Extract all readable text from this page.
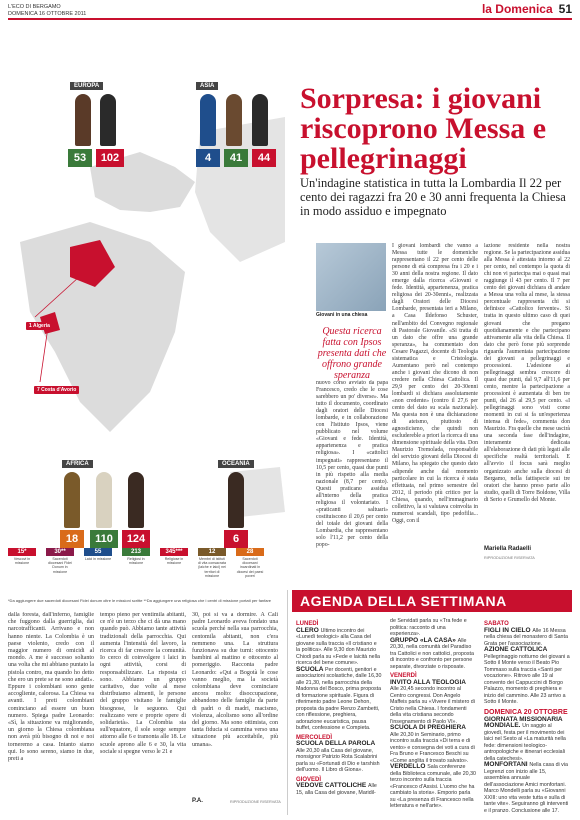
L'ECO DI BERGAMO
DOMENICA 16 OTTOBRE 2011	la Domenica 51
EUROPA
53	102
ASIA
4	41	44
1 Algeria
7 Costa d'Avorio
AFRICA
18	110	124
OCEANIA
6
15*
Vescovi in missione
30**
Sacerdoti diocesani Fidei Donum in missione
55
Laici in missione
213
Religiosi in missione
345***
Religiose in missione
12
Membri di istituti di vita consacrata (laiche e laici) nei territori di missione
28
Sacerdoti diocesani incardinati in diocesi dei paesi poveri
*Da aggiungere due sacerdoti diocesani Fidei donum oltre le missioni scritte **Da aggiungere una religiosa che i centri di missione portati per fanfare
Sorpresa: i giovani riscoprono Messa e pellegrinaggi
Un'indagine statistica in tutta la Lombardia Il 22 per cento dei ragazzi fra 20 e 30 anni frequenta la Chiesa in modo assiduo e impegnato
Giovani in una chiesa
Questa ricerca fatta con Ipsos presenta dati che offrono grande speranza
I giovani lombardi che vanno a Messa tutte le domeniche rappresentano il 22 per cento delle persone di età compresa fra i 20 e i 30 anni della nostra regione. Il dato emerge dalla ricerca «Giovani e fede. Identità, appartenenza, pratica religiosa dei 20-30enni», realizzata dagli Oratori delle Diocesi Lombarde, presentata ieri a Milano, a Casa Ildefonso Schuster, nell'ambito del Convegno regionale di Pastorale Giovanile. «Si tratta di un dato che offre una grande speranza», ha commentato don Cesare Pagazzi, docente di Teologia sistematica e Cristologia. Aumentano però nel contempo anche i giovani che dicono di non credere nella Chiesa Cattolica. Il 29,9 per cento dei 20-30enni lombardi si dichiara assolutamente «non credente» (contro il 27,6 per cento del dato su scala nazionale). Ma questa non è una dichiarazione di ateismo, piuttosto di agnosticismo, che quindi non escludereble a priori la ricerca di una dimensione spirituale della vita. Don Maurizio Tremolada, responsabile del servizio giovani della Diocesi di Milano, ha spiegato che questo dato «dipende anche dal momento particolare in cui la ricerca è stata effettuata, nel primo semestre del 2012, il periodo più critico per la Chiesa, quando, nell'immaginario collettivo, la si valutava coinvolta in numerosi scandali, tipo pedofilia... Oggi, con il
nuovo corso avviato da papa Francesco, credo che le cose sarebbero un po' diverse». Ma tutto il documento, coordinato dagli oratori delle Diocesi lombarde, e in collaborazione con l'Istituto Ipsos, viene pubblicato nel volume «Giovani e fede. Identità, appartenenza e pratica religiosa». I «cattolici impegnati» rappresentano il 10,5 per cento, quasi due punti in più rispetto alla media nazionale (8,7 per cento). Questi praticano assidua all'interno della pratica religiosa il volontariato. I «praticanti saltuari» costituiscono il 20,6 per cento del totale dei giovani della Lombardia, che rappresentano solo l'11,2 per cento della popo-
lazione residente nella nostra regione. Se la partecipazione assidua alla Messa è attestata intorno al 22 per cento, nel contempo la quota di chi non vi partecipa mai o quasi mai raggiunge il 43 per cento. Il 7 per cento dei giovani dichiara di andare a Messa una volta al mese, la stessa percentuale rappresenta chi si definisce «Cattolico fervente». Si tratta in questo ultimo caso di quei giovani che pregano quotidianamente e che partecipano attivamente alla vita della Chiesa. Il dato che però forse più sorprende riguarda l'aumentata partecipazione dei giovani a pellegrinaggi e processioni. L'adesione ai pellegrinaggi sembra crescere di quasi due punti, dal 9,7 all'11,6 per cento, mentre la partecipazione a processioni è aumentata di ben tre punti, dal 26 al 29,5 per cento. «I pellegrinaggi sono visti come momenti in cui si fa un'esperienza intensa di fede», commenta don Maurizio. Fra quelle che mese uscirà una seconda fase dell'indagine, interamente dedicata all'elaborazione di dati più legati alle specifiche realtà territoriali. E all'avvio il focus sarà meglio organizzato anche sulla diocesi di Bergamo, nella fattispecie sui tre oratori che hanno preso parte allo studio, quelli di Torre Boldone, Villa di Serio e Grumello del Monte.
Mariella Radaelli
RIPRODUZIONE RISERVATA
dalla foresta, dall'inferno, famiglie che fuggono dalla guerriglia, dai narcotrafficanti. Arrivano e non hanno niente. La Colombia è un paese violento, credo con il maggior numero di omicidi al mondo. A me è successo soltanto una volta che mi abbiano puntato la pistola contro, ma quando ho detto che ero un prete se ne sono andati». Eppure i colombiani sono gente accogliente, calorosa. La Chiesa va avanti. I preti colombiani cominciano ad essere un buon numero. Spiega padre Leonardo: «Sì, la situazione va migliorando, un giorno la Chiesa colombiana non avrà più bisogno di noi e noi torneremo a casa. Intanto siamo qui. Io sono sereno, siamo in due, preti a
tempo pieno per ventimila abitanti, ce n'è un terzo che ci dà una mano quando può. Abbiamo tante attività tradizionali della parrocchia. Qui aumenta l'intensità del lavoro, la ricerca di far crescere la comunità. Io cerco di coinvolgere i laici in ogni attività, corsi di responsabilizzare. La risposta ci sono. Abbiamo un gruppo caritativo, due volte al mese distribuiamo alimenti, le persone del gruppo visitano le famiglie bisognose, le seguono. Qui realizzano vere e proprie opere di solidarietà». La Colombia sta sull'equatore, il sole sorge sempre attorno alle 6 e tramonta alle 18. Le scuole aprono alle 6 e 30, la vita sociale si spegne verso le 21 e
30, poi si va a dormire. A Cali padre Leonardo aveva fondato una scuola perché nella sua parrocchia, centomila abitanti, non c'era nemmeno una. La struttura funzionava su due turni: ottocento bambini al mattino e ottocento al pomeriggio. Racconta padre Leonardo: «Qui a Bogotà le cose vanno meglio, ma la società colombiana deve cominciare ancora molto: disoccupazione, abbandono delle famiglie da parte di padri o di madri, macismo, violenza, alcolismo sono all'ordine del giorno. Ma sono ottimista, con tanta fiducia si cammina verso una situazione più accettabile, più umana».
P.A.	RIPRODUZIONE RISERVATA
AGENDA DELLA SETTIMANA
LUNEDÌ
CLERO Ultimo incontro dei «Lunedì teologici» alla Casa del giovane sulla traccia «Il cristiano e la politica». Alle 9,30 don Maurizio Chiodi parla su «Fede e laicità nella ricerca del bene comune».
SCUOLA Per docenti, genitori e associazioni scolastiche, dalle 16,30 alle 21,30, nella parrocchia della Madonna del Bosco, prima proposta di formazione spirituale. Figura di riferimento padre Leone Dehon, proposta da padre Renzo Zambetti, con riflessione, preghiera, adorazione eucaristica, pausa buffet, confessione e Compieta.
MERCOLEDÌ
SCUOLA DELLA PAROLA Alle 20,30 alla Casa del giovane, monsignor Patrizio Rota Scalabrini parla su «Fortunati di Dio e tarshish dell'uomo. Il Libro di Giona».
GIOVEDÌ
VEDOVE CATTOLICHE Alle 15, alla Casa del giovane, Maridil-
de Servidati parla su «Tra fede e politica: racconto di una esperienza».
GRUPPO «LA CASA» Alle 20,30, nella comunità del Paradiso tra Cattolici e non cattolici, proposta di incontro e confronto per persone separate, divorziate o risposate.
VENERDÌ
INVITO ALLA TEOLOGIA Alle 20,45 secondo incontro al Centro congressi. Don Angelo Maffeis parla su «Vivere il mistero di Cristo nella Chiesa. I fondamenti della vita cristiana secondo l'insegnamento di Paolo VI».
SCUOLA DI PREGHIERA Alle 20,30 in Seminario, primo incontro sulla traccia «Di terra e di vento» e consegna dei voti a cura di Fra Bruno e Francesco Beschi su «Come anglita il trovato salvato».
VERDELLO Sala conferenze della Biblioteca comunale, alle 20,30 terzo incontro sulla traccia «Francesco d'Assisi. L'uomo che ha cambiato la storia». Emporio parla su «La presenza di Francesco nella letteratura e nell'arte».
SABATO
FIGLI IN CIELO Alle 16 Messa nella chiesa del monastero di Santa Grata per l'associazione.
AZIONE CATTOLICA Pellegrinaggio notturno dei giovani a Sotto il Monte verso il Beato Pio Tommaso sulla traccia «Santi per vocazione». Ritrovo alle 19 al convento dei Cappuccini di Borgo Palazzo, momento di preghiera e inizio del cammino. Alle 23 arrivo a Sotto il Monte.
DOMENICA 20 OTTOBRE
GIORNATA MISSIONARIA MONDIALE. Un saggio al giovedì, festa per il movimento dei laici nel Sesto al «La maturità nella fede: dimensioni teologico-antropologiche e itinerari ecclesiali della catechesi».
MONFORTANI Nella casa di via Legrenzi con inizio alle 15, assemblea annuale dell'associazione Amici monfortani. Marco Mondelli parla su «Giovanni XXIII: uno vita veste tutta e sulla di tante vite». Seguiranno gli interventi e il pranzo. Conclusione alle 17.
